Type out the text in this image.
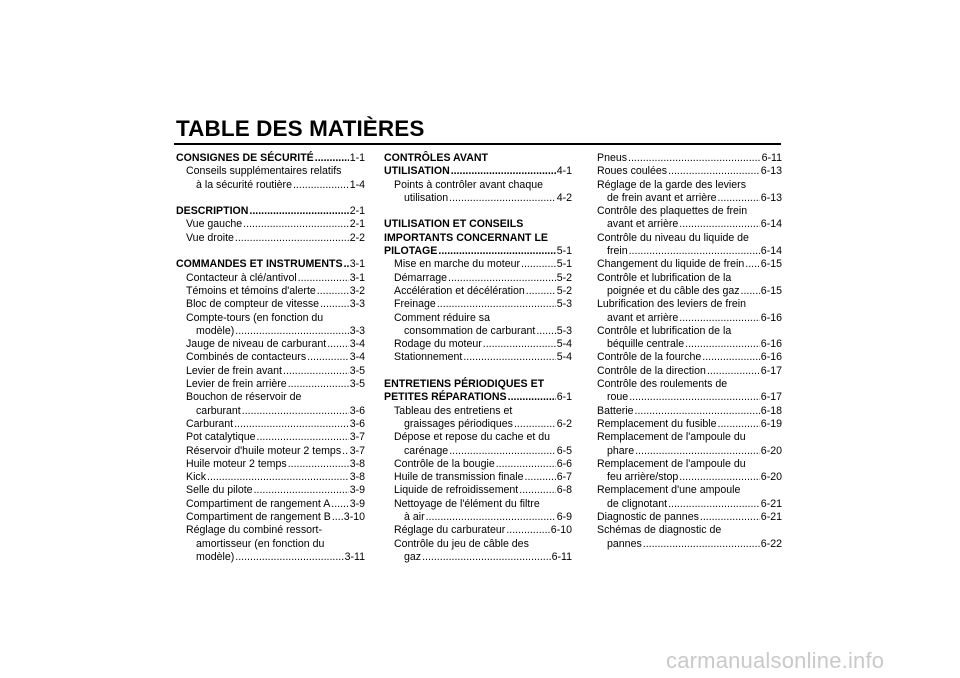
TABLE DES MATIÈRES
CONSIGNES DE SÉCURITÉ .....	1-1
Conseils supplémentaires relatifs
à la sécurité routière .....	1-4
DESCRIPTION .....	2-1
Vue gauche .....	2-1
Vue droite .....	2-2
COMMANDES ET INSTRUMENTS ..... 3-1
Contacteur à clé/antivol .....	3-1
Témoins et témoins d'alerte .....	3-2
Bloc de compteur de vitesse .....	3-3
Compte-tours (en fonction du
modèle) .....	3-3
Jauge de niveau de carburant ..... 3-4
Combinés de contacteurs .....	3-4
Levier de frein avant .....	3-5
Levier de frein arrière .....	3-5
Bouchon de réservoir de
carburant .....	3-6
Carburant .....	3-6
Pot catalytique .....	3-7
Réservoir d'huile moteur 2 temps ..... 3-7
Huile moteur 2 temps .....	3-8
Kick .....	3-8
Selle du pilote .....	3-9
Compartiment de rangement A ..... 3-9
Compartiment de rangement B ..... 3-10
Réglage du combiné ressort-
amortisseur (en fonction du
modèle) .....	3-11
CONTRÔLES AVANT
UTILISATION .....	4-1
Points à contrôler avant chaque
utilisation .....	4-2
UTILISATION ET CONSEILS
IMPORTANTS CONCERNANT LE
PILOTAGE .....	5-1
Mise en marche du moteur .....	5-1
Démarrage .....	5-2
Accélération et décélération .....	5-2
Freinage .....	5-3
Comment réduire sa
consommation de carburant ..... 5-3
Rodage du moteur .....	5-4
Stationnement .....	5-4
ENTRETIENS PÉRIODIQUES ET
PETITES RÉPARATIONS .....	6-1
Tableau des entretiens et
graissages périodiques .....	6-2
Dépose et repose du cache et du
carénage .....	6-5
Contrôle de la bougie .....	6-6
Huile de transmission finale .....	6-7
Liquide de refroidissement .....	6-8
Nettoyage de l'élément du filtre
à air .....	6-9
Réglage du carburateur .....	6-10
Contrôle du jeu de câble des
gaz .....	6-11
Pneus .....	6-11
Roues coulées .....	6-13
Réglage de la garde des leviers
de frein avant et arrière .....	6-13
Contrôle des plaquettes de frein
avant et arrière .....	6-14
Contrôle du niveau du liquide de
frein .....	6-14
Changement du liquide de frein ..... 6-15
Contrôle et lubrification de la
poignée et du câble des gaz ..... 6-15
Lubrification des leviers de frein
avant et arrière .....	6-16
Contrôle et lubrification de la
béquille centrale .....	6-16
Contrôle de la fourche .....	6-16
Contrôle de la direction .....	6-17
Contrôle des roulements de
roue .....	6-17
Batterie .....	6-18
Remplacement du fusible .....	6-19
Remplacement de l'ampoule du
phare .....	6-20
Remplacement de l'ampoule du
feu arrière/stop .....	6-20
Remplacement d'une ampoule
de clignotant .....	6-21
Diagnostic de pannes .....	6-21
Schémas de diagnostic de
pannes .....	6-22
carmanualsonline.info
